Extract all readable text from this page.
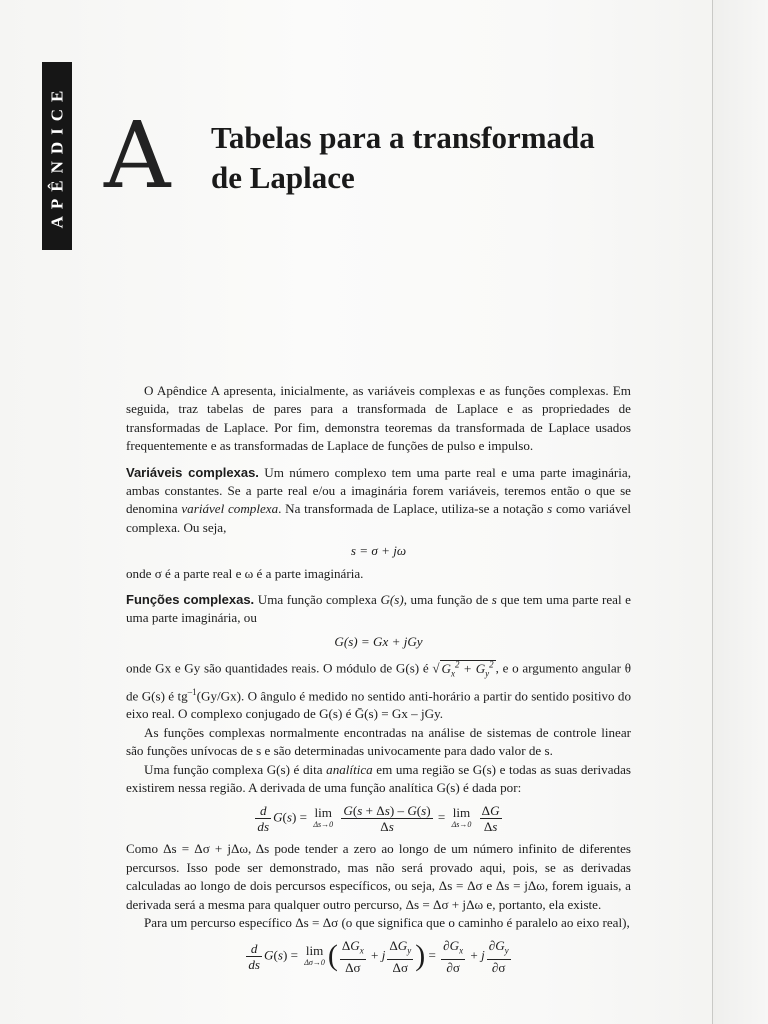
APÊNDICE A Tabelas para a transformada
de Laplace

O Apêndice A apresenta, inicialmente, as variáveis complexas e as funções complexas. Em seguida, traz tabelas de pares para a transformada de Laplace e as propriedades de transformadas de Laplace. Por fim, demonstra teoremas da transformada de Laplace usados frequentemente e as transformadas de Laplace de funções de pulso e impulso.

Variáveis complexas. Um número complexo tem uma parte real e uma parte imaginária, ambas constantes. Se a parte real e/ou a imaginária forem variáveis, teremos então o que se denomina variável complexa. Na transformada de Laplace, utiliza-se a notação s como variável complexa. Ou seja,

s = σ + jω

onde σ é a parte real e ω é a parte imaginária.

Funções complexas. Uma função complexa G(s), uma função de s que tem uma parte real e uma parte imaginária, ou

G(s) = Gx + jGy

onde Gx e Gy são quantidades reais. O módulo de G(s) é √ $G_x^2 + G_y^2$ , e o argumento angular θ de G(s) é $tg^{-1}(Gy/Gx)$. O ângulo é medido no sentido anti-horário a partir do sentido positivo do eixo real. O complexo conjugado de G(s) é Ḡ(s) = Gx – jGy.

As funções complexas normalmente encontradas na análise de sistemas de controle linear são funções unívocas de s e são determinadas univocamente para dado valor de s.

Uma função complexa G(s) é dita analítica em uma região se G(s) e todas as suas derivadas existirem nessa região. A derivada de uma função analítica G(s) é dada por:

$\frac{d}{ds} G(s) = \lim$
Δs→0
$\frac{G(s + \Delta s) - G(s)}{\Delta s} = \lim$
Δs→0
$\frac{\Delta G}{\Delta s}$

Como Δs = Δσ + jΔω, Δs pode tender a zero ao longo de um número infinito de diferentes percursos. Isso pode ser demonstrado, mas não será provado aqui, pois, se as derivadas calculadas ao longo de dois percursos específicos, ou seja, Δs = Δσ e Δs = jΔω, forem iguais, a derivada será a mesma para qualquer outro percurso, Δs = Δσ + jΔω e, portanto, ela existe.

Para um percurso específico Δs = Δσ (o que significa que o caminho é paralelo ao eixo real),

$\frac{d}{ds} G(s) = \lim$
Δσ→0 ( $\frac{\Delta G_x}{\Delta\sigma} + j \frac{\Delta G_y}{\Delta\sigma}$ ) = $\frac{\partial G_x}{\partial\sigma} + j \frac{\partial G_y}{\partial\sigma}$
